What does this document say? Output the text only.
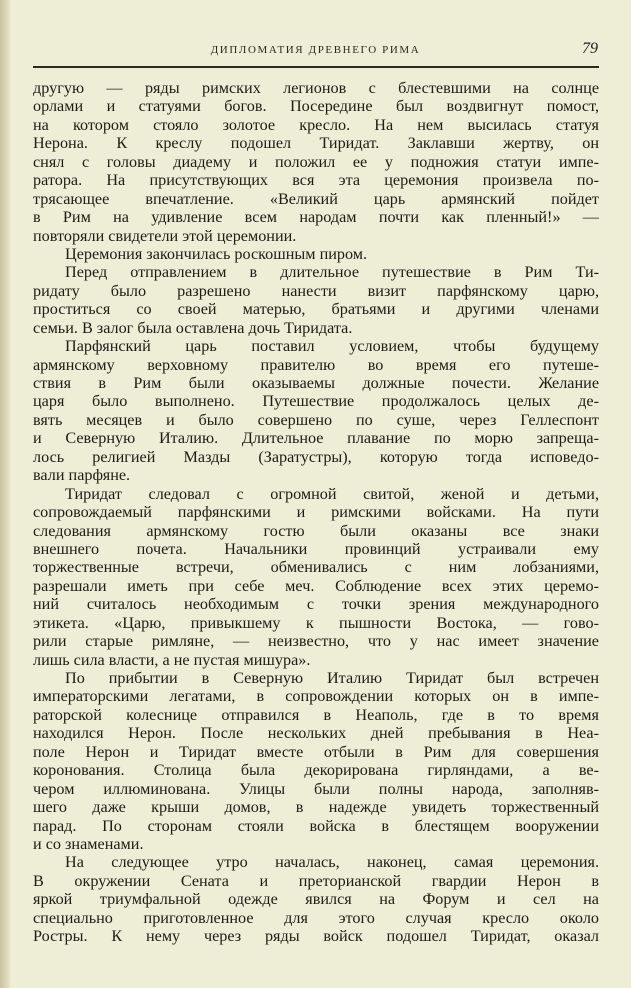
ДИПЛОМАТИЯ ДРЕВНЕГО РИМА	79
другую — ряды римских легионов с блестевшими на солнце
орлами и статуями богов. Посередине был воздвигнут помост,
на котором стояло золотое кресло. На нем высилась статуя
Нерона. К креслу подошел Тиридат. Заклавши жертву, он
снял с головы диадему и положил ее у подножия статуи импе-
ратора. На присутствующих вся эта церемония произвела по-
трясающее впечатление. «Великий царь армянский пойдет
в Рим на удивление всем народам почти как пленный!» —
повторяли свидетели этой церемонии.
Церемония закончилась роскошным пиром.
Перед отправлением в длительное путешествие в Рим Ти-
ридату было разрешено нанести визит парфянскому царю,
проститься со своей матерью, братьями и другими членами
семьи. В залог была оставлена дочь Тиридата.
Парфянский царь поставил условием, чтобы будущему
армянскому верховному правителю во время его путеше-
ствия в Рим были оказываемы должные почести. Желание
царя было выполнено. Путешествие продолжалось целых де-
вять месяцев и было совершено по суше, через Геллеспонт
и Северную Италию. Длительное плавание по морю запреща-
лось религией Мазды (Заратустры), которую тогда исповедо-
вали парфяне.
Тиридат следовал с огромной свитой, женой и детьми,
сопровождаемый парфянскими и римскими войсками. На пути
следования армянскому гостю были оказаны все знаки
внешнего почета. Начальники провинций устраивали ему
торжественные встречи, обменивались с ним лобзаниями,
разрешали иметь при себе меч. Соблюдение всех этих церемо-
ний считалось необходимым с точки зрения международного
этикета. «Царю, привыкшему к пышности Востока, — гово-
рили старые римляне, — неизвестно, что у нас имеет значение
лишь сила власти, а не пустая мишура».
По прибытии в Северную Италию Тиридат был встречен
императорскими легатами, в сопровождении которых он в импе-
раторской колеснице отправился в Неаполь, где в то время
находился Нерон. После нескольких дней пребывания в Неа-
поле Нерон и Тиридат вместе отбыли в Рим для совершения
коронования. Столица была декорирована гирляндами, а ве-
чером иллюминована. Улицы были полны народа, заполняв-
шего даже крыши домов, в надежде увидеть торжественный
парад. По сторонам стояли войска в блестящем вооружении
и со знаменами.
На следующее утро началась, наконец, самая церемония.
В окружении Сената и преторианской гвардии Нерон в
яркой триумфальной одежде явился на Форум и сел на
специально приготовленное для этого случая кресло около
Ростры. К нему через ряды войск подошел Тиридат, оказал
